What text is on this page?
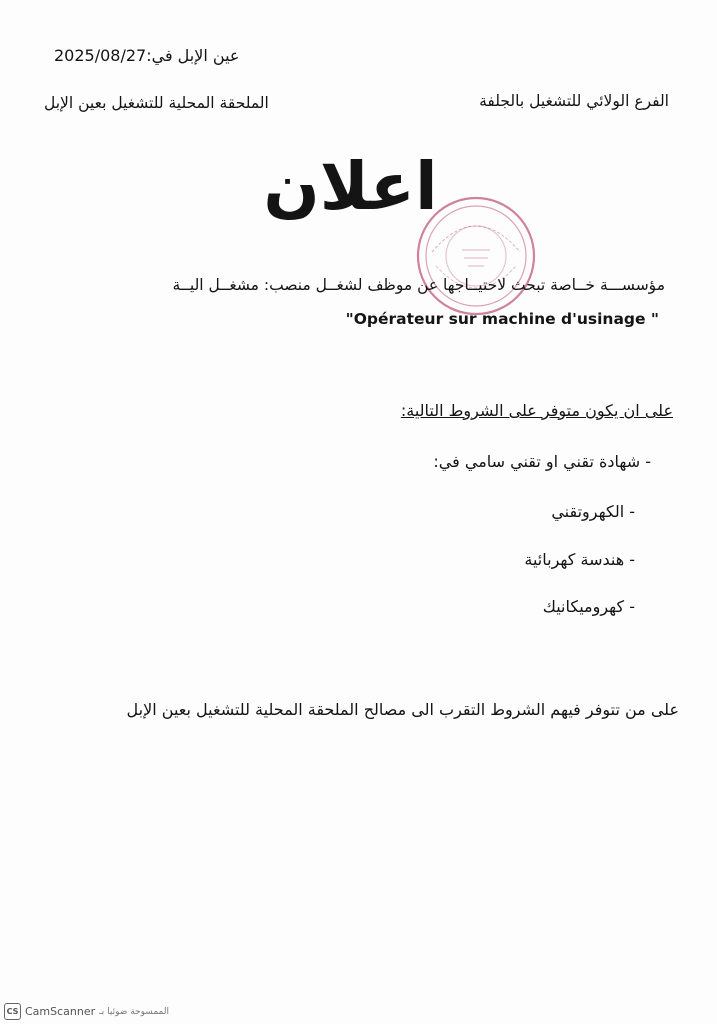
عين الإبل في:2025/08/27
الفرع الولائي للتشغيل بالجلفة
الملحقة المحلية للتشغيل بعين الإبل
اعلان
مؤسســـة خــاصة تبحث لاحتيــاجها عن موظف لشغــل منصب: مشغــل اليــة
"Opérateur sur machine d'usinage "
على ان يكون متوفر على الشروط التالية:
- شهادة تقني او تقني سامي في:
- الكهروتقني
- هندسة كهربائية
- كهروميكانيك
على من تتوفر فيهم الشروط التقرب الى مصالح الملحقة المحلية للتشغيل بعين الإبل
CS CamScanner الممسوحة ضوئيا بـ
